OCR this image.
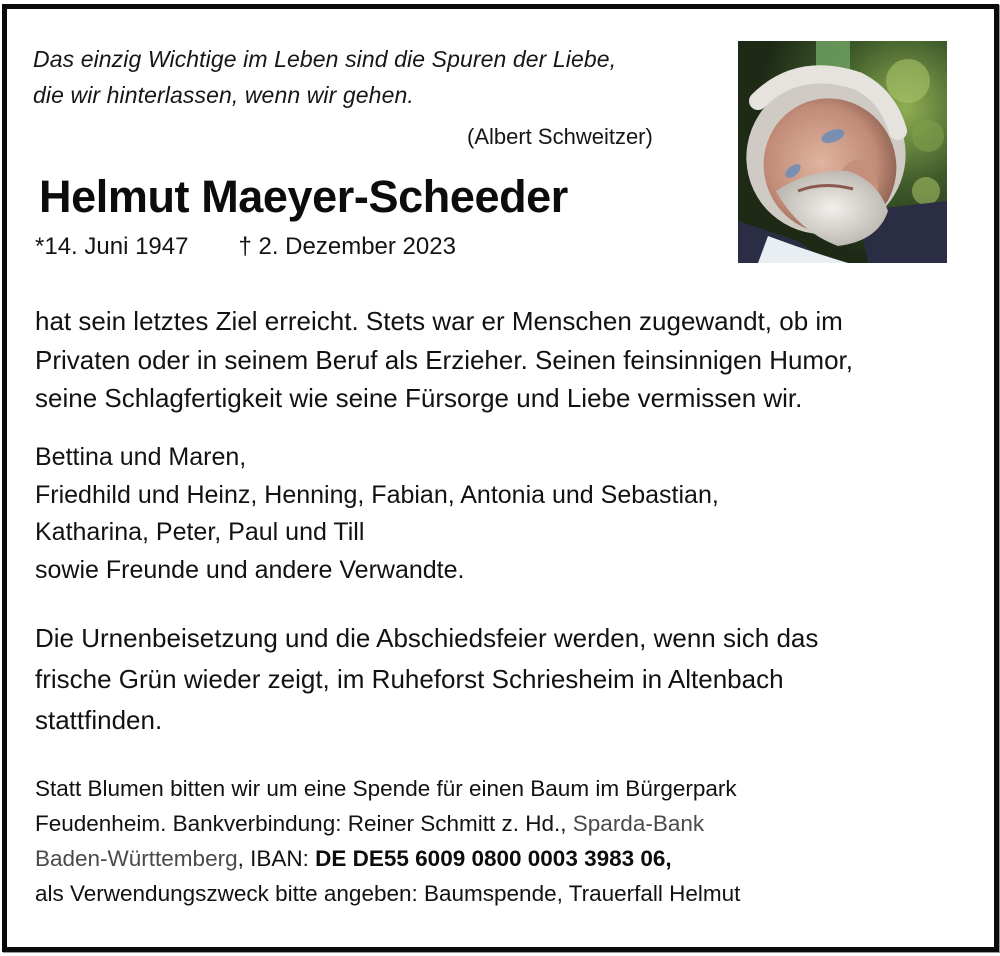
Das einzig Wichtige im Leben sind die Spuren der Liebe,
die wir hinterlassen, wenn wir gehen.
(Albert Schweitzer)
Helmut Maeyer-Scheeder
*14. Juni 1947 † 2. Dezember 2023
hat sein letztes Ziel erreicht. Stets war er Menschen zugewandt, ob im
Privaten oder in seinem Beruf als Erzieher. Seinen feinsinnigen Humor,
seine Schlagfertigkeit wie seine Fürsorge und Liebe vermissen wir.
Bettina und Maren,
Friedhild und Heinz, Henning, Fabian, Antonia und Sebastian,
Katharina, Peter, Paul und Till
sowie Freunde und andere Verwandte.
Die Urnenbeisetzung und die Abschiedsfeier werden, wenn sich das
frische Grün wieder zeigt, im Ruheforst Schriesheim in Altenbach
stattfinden.
Statt Blumen bitten wir um eine Spende für einen Baum im Bürgerpark
Feudenheim. Bankverbindung: Reiner Schmitt z. Hd., Sparda-Bank
Baden-Württemberg, IBAN: DE DE55 6009 0800 0003 3983 06,
als Verwendungszweck bitte angeben: Baumspende, Trauerfall Helmut
